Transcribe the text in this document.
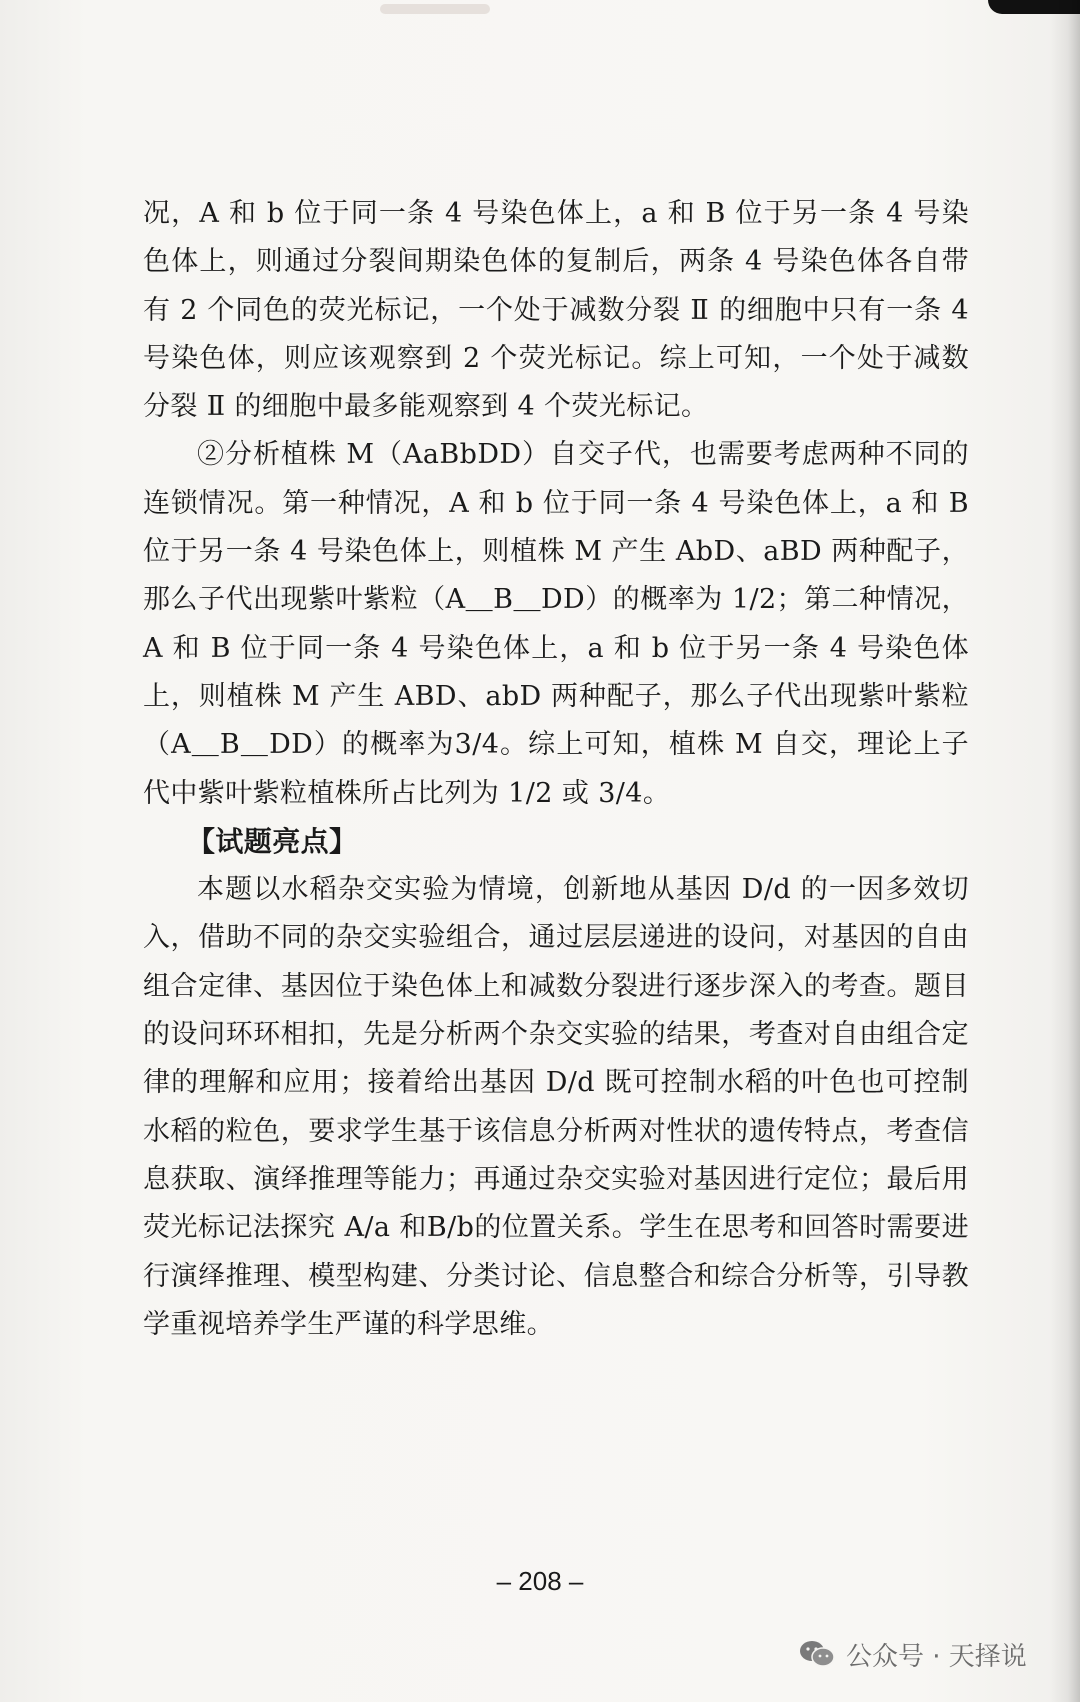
况，A 和 b 位于同一条 4 号染色体上，a 和 B 位于另一条 4 号染色体上，则通过分裂间期染色体的复制后，两条 4 号染色体各自带有 2 个同色的荧光标记，一个处于减数分裂 Ⅱ 的细胞中只有一条 4 号染色体，则应该观察到 2 个荧光标记。综上可知，一个处于减数分裂 Ⅱ 的细胞中最多能观察到 4 个荧光标记。

②分析植株 M（AaBbDD）自交子代，也需要考虑两种不同的连锁情况。第一种情况，A 和 b 位于同一条 4 号染色体上，a 和 B 位于另一条 4 号染色体上，则植株 M 产生 AbD、aBD 两种配子，那么子代出现紫叶紫粒（A＿B＿DD）的概率为 1/2；第二种情况，A 和 B 位于同一条 4 号染色体上，a 和 b 位于另一条 4 号染色体上，则植株 M 产生 ABD、abD 两种配子，那么子代出现紫叶紫粒（A＿B＿DD）的概率为3/4。综上可知，植株 M 自交，理论上子代中紫叶紫粒植株所占比列为 1/2 或 3/4。

【试题亮点】

本题以水稻杂交实验为情境，创新地从基因 D/d 的一因多效切入，借助不同的杂交实验组合，通过层层递进的设问，对基因的自由组合定律、基因位于染色体上和减数分裂进行逐步深入的考查。题目的设问环环相扣，先是分析两个杂交实验的结果，考查对自由组合定律的理解和应用；接着给出基因 D/d 既可控制水稻的叶色也可控制水稻的粒色，要求学生基于该信息分析两对性状的遗传特点，考查信息获取、演绎推理等能力；再通过杂交实验对基因进行定位；最后用荧光标记法探究 A/a 和B/b的位置关系。学生在思考和回答时需要进行演绎推理、模型构建、分类讨论、信息整合和综合分析等，引导教学重视培养学生严谨的科学思维。

– 208 –
公众号 · 天择说
